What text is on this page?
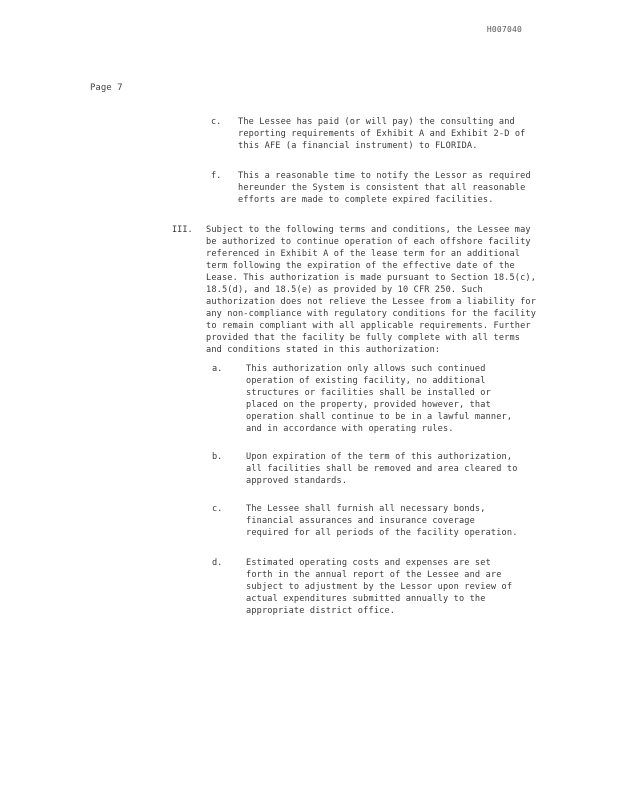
H007040
Page 7
c. The Lessee has paid (or will pay) the consulting and reporting requirements of Exhibit A and Exhibit 2-D of this AFE (a financial instrument) to FLORIDA.
f. This a reasonable time to notify the Lessor as required hereunder the System is consistent that all reasonable efforts are made to complete expired facilities.
III. Subject to the following terms and conditions, the Lessee may be authorized to continue operation of each offshore facility referenced in Exhibit A of the lease term for an additional term following the expiration of the effective date of the Lease. This authorization is made pursuant to Section 18.5(c), 18.5(d), and 18.5(e) as provided by 10 CFR 250. Such authorization does not relieve the Lessee from a liability for any non-compliance with regulatory conditions for the facility to remain compliant with all applicable requirements. Further provided that the facility be fully complete with all terms and conditions stated in this authorization:
a.	This authorization only allows such continued operation of existing facility, no additional structures or facilities shall be installed or placed on the property, provided however, that operation shall continue to be in a lawful manner, and in accordance with operating rules.
b.	Upon expiration of the term of this authorization, all facilities shall be removed and area cleared to approved standards.
c.	The Lessee shall furnish all necessary bonds, financial assurances and insurance coverage required for all periods of the facility operation.
d.	Estimated operating costs and expenses are set forth in the annual report of the Lessee and are subject to adjustment by the Lessor upon review of actual expenditures submitted annually to the appropriate district office.
